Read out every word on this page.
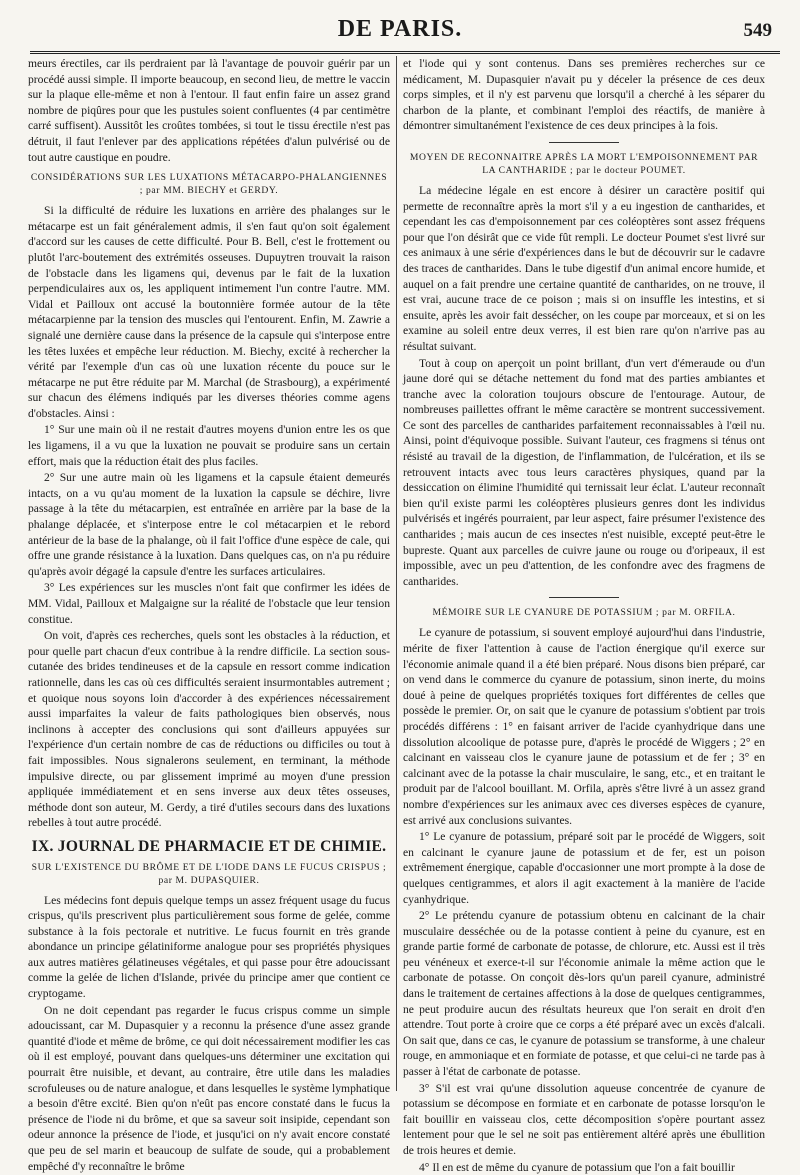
DE PARIS.	549

meurs érectiles, car ils perdraient par là l'avantage de pouvoir guérir par un procédé aussi simple. Il importe beaucoup, en second lieu, de mettre le vaccin sur la plaque elle-même et non à l'entour. Il faut enfin faire un assez grand nombre de piqûres pour que les pustules soient confluentes (4 par centimètre carré suffisent). Aussitôt les croûtes tombées, si tout le tissu érectile n'est pas détruit, il faut l'enlever par des applications répétées d'alun pulvérisé ou de tout autre caustique en poudre.

CONSIDÉRATIONS SUR LES LUXATIONS MÉTACARPO-PHALANGIENNES ; par MM. BIECHY et GERDY.

Si la difficulté de réduire les luxations en arrière des phalanges sur le métacarpe est un fait généralement admis, il s'en faut qu'on soit également d'accord sur les causes de cette difficulté. Pour B. Bell, c'est le frottement ou plutôt l'arc-boutement des extrémités osseuses. Dupuytren trouvait la raison de l'obstacle dans les ligamens qui, devenus par le fait de la luxation perpendiculaires aux os, les appliquent intimement l'un contre l'autre. MM. Vidal et Pailloux ont accusé la boutonnière formée autour de la tête métacarpienne par la tension des muscles qui l'entourent. Enfin, M. Zawrie a signalé une dernière cause dans la présence de la capsule qui s'interpose entre les têtes luxées et empêche leur réduction. M. Biechy, excité à rechercher la vérité par l'exemple d'un cas où une luxation récente du pouce sur le métacarpe ne put être réduite par M. Marchal (de Strasbourg), a expérimenté sur chacun des élémens indiqués par les diverses théories comme agens d'obstacles. Ainsi :

1° Sur une main où il ne restait d'autres moyens d'union entre les os que les ligamens, il a vu que la luxation ne pouvait se produire sans un certain effort, mais que la réduction était des plus faciles.

2° Sur une autre main où les ligamens et la capsule étaient demeurés intacts, on a vu qu'au moment de la luxation la capsule se déchire, livre passage à la tête du métacarpien, est entraînée en arrière par la base de la phalange déplacée, et s'interpose entre le col métacarpien et le rebord antérieur de la base de la phalange, où il fait l'office d'une espèce de cale, qui offre une grande résistance à la luxation. Dans quelques cas, on n'a pu réduire qu'après avoir dégagé la capsule d'entre les surfaces articulaires.

3° Les expériences sur les muscles n'ont fait que confirmer les idées de MM. Vidal, Pailloux et Malgaigne sur la réalité de l'obstacle que leur tension constitue.

On voit, d'après ces recherches, quels sont les obstacles à la réduction, et pour quelle part chacun d'eux contribue à la rendre difficile. La section sous-cutanée des brides tendineuses et de la capsule en ressort comme indication rationnelle, dans les cas où ces difficultés seraient insurmontables autrement ; et quoique nous soyons loin d'accorder à des expériences nécessairement aussi imparfaites la valeur de faits pathologiques bien observés, nous inclinons à accepter des conclusions qui sont d'ailleurs appuyées sur l'expérience d'un certain nombre de cas de réductions ou difficiles ou tout à fait impossibles. Nous signalerons seulement, en terminant, la méthode impulsive directe, ou par glissement imprimé au moyen d'une pression appliquée immédiatement et en sens inverse aux deux têtes osseuses, méthode dont son auteur, M. Gerdy, a tiré d'utiles secours dans des luxations rebelles à tout autre procédé.

IX. JOURNAL DE PHARMACIE ET DE CHIMIE.
SUR L'EXISTENCE DU BRÔME ET DE L'IODE DANS LE FUCUS CRISPUS ; par M. DUPASQUIER.

Les médecins font depuis quelque temps un assez fréquent usage du fucus crispus, qu'ils prescrivent plus particulièrement sous forme de gelée, comme substance à la fois pectorale et nutritive. Le fucus fournit en très grande abondance un principe gélatiniforme analogue pour ses propriétés physiques aux autres matières gélatineuses végétales, et qui passe pour être adoucissant comme la gelée de lichen d'Islande, privée du principe amer que contient ce cryptogame.

On ne doit cependant pas regarder le fucus crispus comme un simple adoucissant, car M. Dupasquier y a reconnu la présence d'une assez grande quantité d'iode et même de brôme, ce qui doit nécessairement modifier les cas où il est employé, pouvant dans quelques-uns déterminer une excitation qui pourrait être nuisible, et devant, au contraire, être utile dans les maladies scrofuleuses ou de nature analogue, et dans lesquelles le système lymphatique a besoin d'être excité. Bien qu'on n'eût pas encore constaté dans le fucus la présence de l'iode ni du brôme, et que sa saveur soit insipide, cependant son odeur annonce la présence de l'iode, et jusqu'ici on n'y avait encore constaté que peu de sel marin et beaucoup de sulfate de soude, qui a probablement empêché d'y reconnaître le brôme

et l'iode qui y sont contenus. Dans ses premières recherches sur ce médicament, M. Dupasquier n'avait pu y déceler la présence de ces deux corps simples, et il n'y est parvenu que lorsqu'il a cherché à les séparer du charbon de la plante, et combinant l'emploi des réactifs, de manière à démontrer simultanément l'existence de ces deux principes à la fois.

MOYEN DE RECONNAITRE APRÈS LA MORT L'EMPOISONNEMENT PAR LA CANTHARIDE ; par le docteur POUMET.

La médecine légale en est encore à désirer un caractère positif qui permette de reconnaître après la mort s'il y a eu ingestion de cantharides, et cependant les cas d'empoisonnement par ces coléoptères sont assez fréquens pour que l'on désirât que ce vide fût rempli. Le docteur Poumet s'est livré sur ces animaux à une série d'expériences dans le but de découvrir sur le cadavre des traces de cantharides. Dans le tube digestif d'un animal encore humide, et auquel on a fait prendre une certaine quantité de cantharides, on ne trouve, il est vrai, aucune trace de ce poison ; mais si on insuffle les intestins, et si ensuite, après les avoir fait dessécher, on les coupe par morceaux, et si on les examine au soleil entre deux verres, il est bien rare qu'on n'arrive pas au résultat suivant.

Tout à coup on aperçoit un point brillant, d'un vert d'émeraude ou d'un jaune doré qui se détache nettement du fond mat des parties ambiantes et tranche avec la coloration toujours obscure de l'entourage. Autour, de nombreuses paillettes offrant le même caractère se montrent successivement. Ce sont des parcelles de cantharides parfaitement reconnaissables à l'œil nu. Ainsi, point d'équivoque possible. Suivant l'auteur, ces fragmens si ténus ont résisté au travail de la digestion, de l'inflammation, de l'ulcération, et ils se retrouvent intacts avec tous leurs caractères physiques, quand par la dessiccation on élimine l'humidité qui ternissait leur éclat. L'auteur reconnaît bien qu'il existe parmi les coléoptères plusieurs genres dont les individus pulvérisés et ingérés pourraient, par leur aspect, faire présumer l'existence des cantharides ; mais aucun de ces insectes n'est nuisible, excepté peut-être le bupreste. Quant aux parcelles de cuivre jaune ou rouge ou d'oripeaux, il est impossible, avec un peu d'attention, de les confondre avec des fragmens de cantharides.

MÉMOIRE SUR LE CYANURE DE POTASSIUM ; par M. ORFILA.

Le cyanure de potassium, si souvent employé aujourd'hui dans l'industrie, mérite de fixer l'attention à cause de l'action énergique qu'il exerce sur l'économie animale quand il a été bien préparé. Nous disons bien préparé, car on vend dans le commerce du cyanure de potassium, sinon inerte, du moins doué à peine de quelques propriétés toxiques fort différentes de celles que possède le premier. Or, on sait que le cyanure de potassium s'obtient par trois procédés différens : 1° en faisant arriver de l'acide cyanhydrique dans une dissolution alcoolique de potasse pure, d'après le procédé de Wiggers ; 2° en calcinant en vaisseau clos le cyanure jaune de potassium et de fer ; 3° en calcinant avec de la potasse la chair musculaire, le sang, etc., et en traitant le produit par de l'alcool bouillant. M. Orfila, après s'être livré à un assez grand nombre d'expériences sur les animaux avec ces diverses espèces de cyanure, est arrivé aux conclusions suivantes.

1° Le cyanure de potassium, préparé soit par le procédé de Wiggers, soit en calcinant le cyanure jaune de potassium et de fer, est un poison extrêmement énergique, capable d'occasionner une mort prompte à la dose de quelques centigrammes, et alors il agit exactement à la manière de l'acide cyanhydrique.

2° Le prétendu cyanure de potassium obtenu en calcinant de la chair musculaire desséchée ou de la potasse contient à peine du cyanure, est en grande partie formé de carbonate de potasse, de chlorure, etc. Aussi est il très peu vénéneux et exerce-t-il sur l'économie animale la même action que le carbonate de potasse. On conçoit dès-lors qu'un pareil cyanure, administré dans le traitement de certaines affections à la dose de quelques centigrammes, ne peut produire aucun des résultats heureux que l'on serait en droit d'en attendre. Tout porte à croire que ce corps a été préparé avec un excès d'alcali. On sait que, dans ce cas, le cyanure de potassium se transforme, à une chaleur rouge, en ammoniaque et en formiate de potasse, et que celui-ci ne tarde pas à passer à l'état de carbonate de potasse.

3° S'il est vrai qu'une dissolution aqueuse concentrée de cyanure de potassium se décompose en formiate et en carbonate de potasse lorsqu'on le fait bouillir en vaisseau clos, cette décomposition s'opère pourtant assez lentement pour que le sel ne soit pas entièrement altéré après une ébullition de trois heures et demie.

4° Il en est de même du cyanure de potassium que l'on a fait bouillir
